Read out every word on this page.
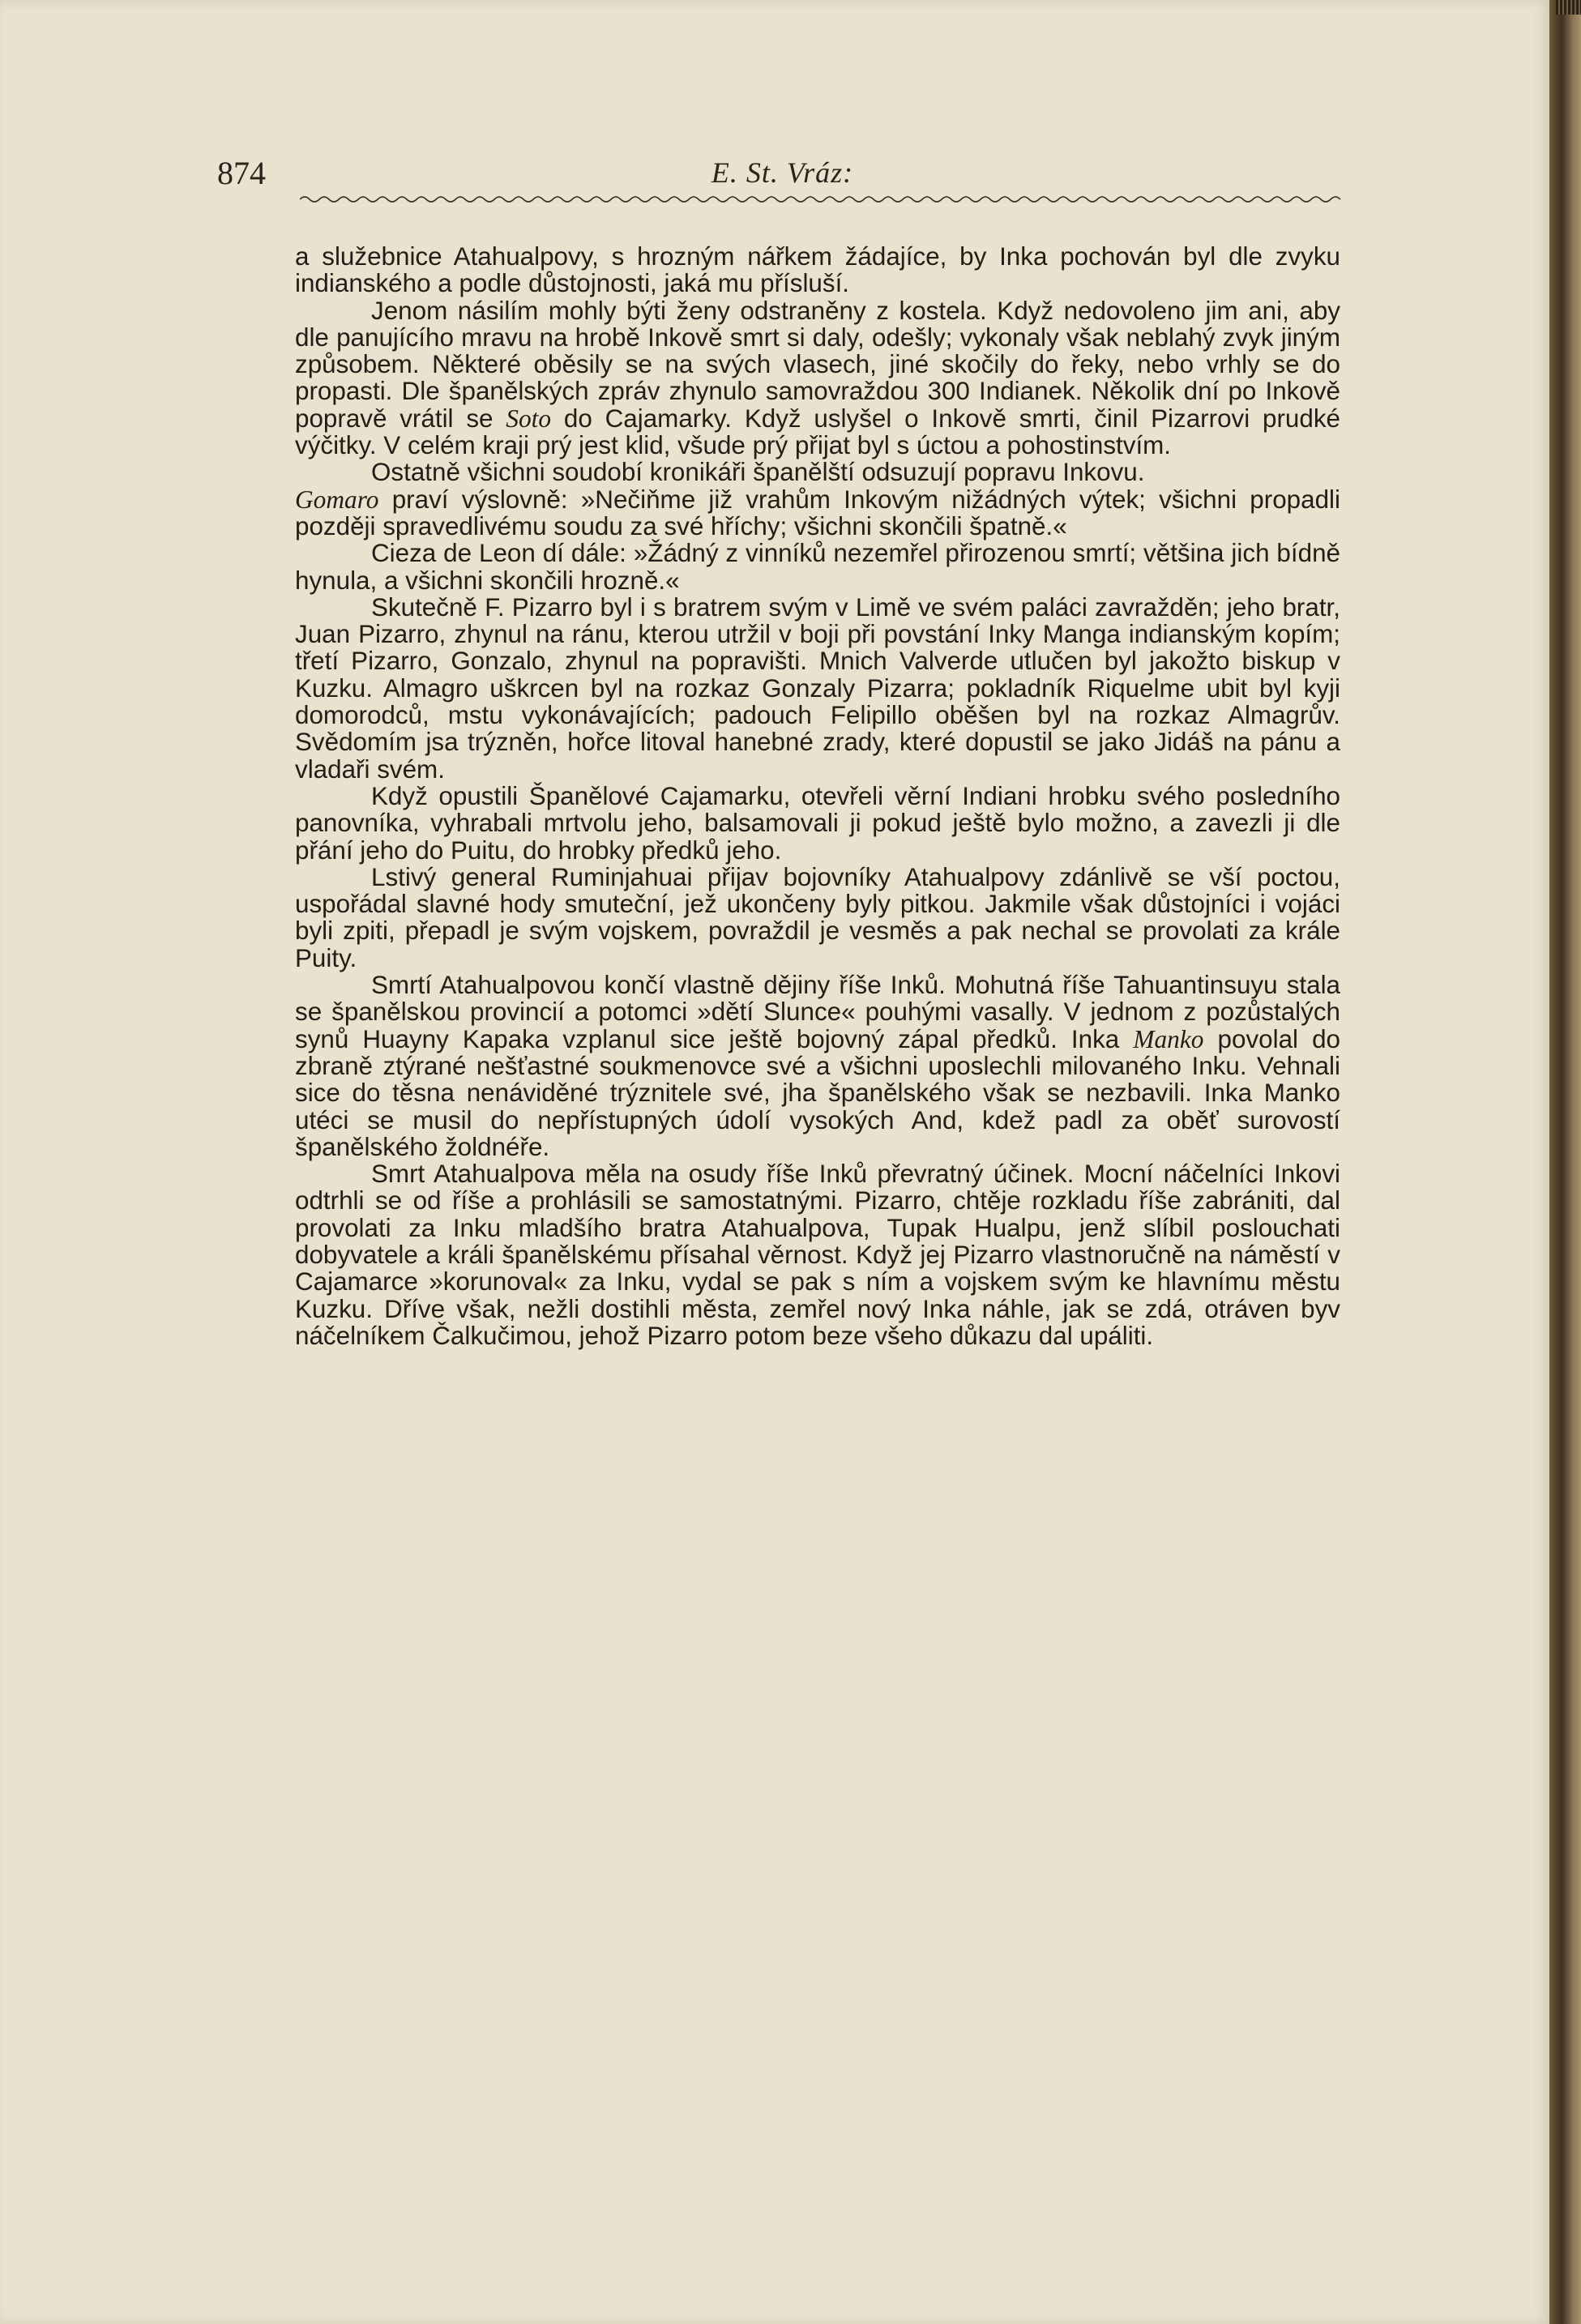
874	E. St. Vráz:

a služebnice Atahualpovy, s hrozným nářkem žádajíce, by Inka pochován byl dle zvyku indianského a podle důstojnosti, jaká mu přísluší.

Jenom násilím mohly býti ženy odstraněny z kostela. Když nedovoleno jim ani, aby dle panujícího mravu na hrobě Inkově smrt si daly, odešly; vykonaly však neblahý zvyk jiným způsobem. Některé oběsily se na svých vlasech, jiné skočily do řeky, nebo vrhly se do propasti. Dle španělských zpráv zhynulo samovraždou 300 Indianek. Několik dní po Inkově popravě vrátil se Soto do Cajamarky. Když uslyšel o Inkově smrti, činil Pizarrovi prudké výčitky. V celém kraji prý jest klid, všude prý přijat byl s úctou a pohostinstvím.

Ostatně všichni soudobí kronikáři španělští odsuzují popravu Inkovu.

Gomaro praví výslovně: »Nečiňme již vrahům Inkovým nižádných výtek; všichni propadli později spravedlivému soudu za své hříchy; všichni skončili špatně.«

Cieza de Leon dí dále: »Žádný z vinníků nezemřel přirozenou smrtí; většina jich bídně hynula, a všichni skončili hrozně.«

Skutečně F. Pizarro byl i s bratrem svým v Limě ve svém paláci zavražděn; jeho bratr, Juan Pizarro, zhynul na ránu, kterou utržil v boji při povstání Inky Manga indianským kopím; třetí Pizarro, Gonzalo, zhynul na popravišti. Mnich Valverde utlučen byl jakožto biskup v Kuzku. Almagro uškrcen byl na rozkaz Gonzaly Pizarra; pokladník Riquelme ubit byl kyji domorodců, mstu vykonávajících; padouch Felipillo oběšen byl na rozkaz Almagrův. Svědomím jsa trýzněn, hořce litoval hanebné zrady, které dopustil se jako Jidáš na pánu a vladaři svém.

Když opustili Španělové Cajamarku, otevřeli věrní Indiani hrobku svého posledního panovníka, vyhrabali mrtvolu jeho, balsamovali ji pokud ještě bylo možno, a zavezli ji dle přání jeho do Puitu, do hrobky předků jeho.

Lstivý general Ruminjahuai přijav bojovníky Atahualpovy zdánlivě se vší poctou, uspořádal slavné hody smuteční, jež ukončeny byly pitkou. Jakmile však důstojníci i vojáci byli zpiti, přepadl je svým vojskem, povraždil je vesměs a pak nechal se provolati za krále Puity.

Smrtí Atahualpovou končí vlastně dějiny říše Inků. Mohutná říše Tahuantinsuyu stala se španělskou provincií a potomci »dětí Slunce« pouhými vasally. V jednom z pozůstalých synů Huayny Kapaka vzplanul sice ještě bojovný zápal předků. Inka Manko povolal do zbraně ztýrané nešťastné soukmenovce své a všichni uposlechli milovaného Inku. Vehnali sice do těsna nenáviděné trýznitele své, jha španělského však se nezbavili. Inka Manko utéci se musil do nepřístupných údolí vysokých And, kdež padl za oběť surovostí španělského žoldnéře.

Smrt Atahualpova měla na osudy říše Inků převratný účinek. Mocní náčelníci Inkovi odtrhli se od říše a prohlásili se samostatnými. Pizarro, chtěje rozkladu říše zabrániti, dal provolati za Inku mladšího bratra Atahualpova, Tupak Hualpu, jenž slíbil poslouchati dobyvatele a králi španělskému přísahal věrnost. Když jej Pizarro vlastnoručně na náměstí v Cajamarce »korunoval« za Inku, vydal se pak s ním a vojskem svým ke hlavnímu městu Kuzku. Dříve však, nežli dostihli města, zemřel nový Inka náhle, jak se zdá, otráven byv náčelníkem Čalkučimou, jehož Pizarro potom beze všeho důkazu dal upáliti.
